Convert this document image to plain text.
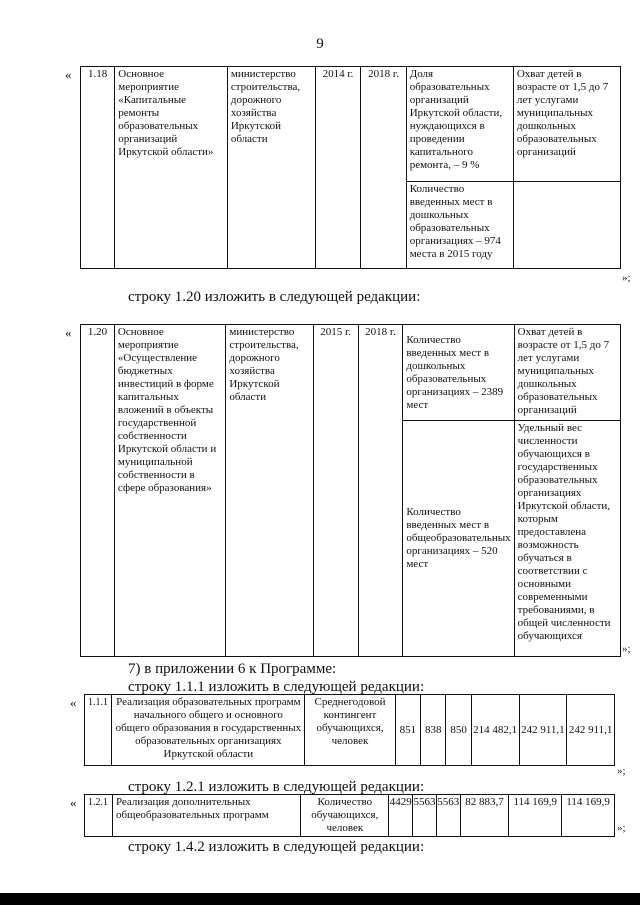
9
« 1.18	Основное мероприятие «Капитальные ремонты образовательных организаций Иркутской области»	министерство строительства, дорожного хозяйства Иркутской области	2014 г.	2018 г.	Доля образовательных организаций Иркутской области, нуждающихся в проведении капитального ремонта, – 9 %	Охват детей в возрасте от 1,5 до 7 лет услугами муниципальных дошкольных образовательных организаций
					Количество введенных мест в дошкольных образовательных организациях – 974 места в 2015 году	
»;
строку 1.20 изложить в следующей редакции:
« 1.20	Основное мероприятие «Осуществление бюджетных инвестиций в форме капитальных вложений в объекты государственной собственности Иркутской области и муниципальной собственности в сфере образования»	министерство строительства, дорожного хозяйства Иркутской области	2015 г.	2018 г.	Количество введенных мест в дошкольных образовательных организациях – 2389 мест	Охват детей в возрасте от 1,5 до 7 лет услугами муниципальных дошкольных образовательных организаций
					Количество введенных мест в общеобразовательных организациях – 520 мест	Удельный вес численности обучающихся в государственных образовательных организациях Иркутской области, которым предоставлена возможность обучаться в соответствии с основными современными требованиями, в общей численности обучающихся
»;
7) в приложении 6 к Программе:
строку 1.1.1 изложить в следующей редакции:
« 1.1.1	Реализация образовательных программ начального общего и основного общего образования в государственных образовательных организациях Иркутской области	Среднегодовой контингент обучающихся, человек	851	838	850	214 482,1	242 911,1	242 911,1
»;
строку 1.2.1 изложить в следующей редакции:
« 1.2.1	Реализация дополнительных общеобразовательных программ	Количество обучающихся, человек	4429	5563	5563	82 883,7	114 169,9	114 169,9
»;
строку 1.4.2 изложить в следующей редакции:
